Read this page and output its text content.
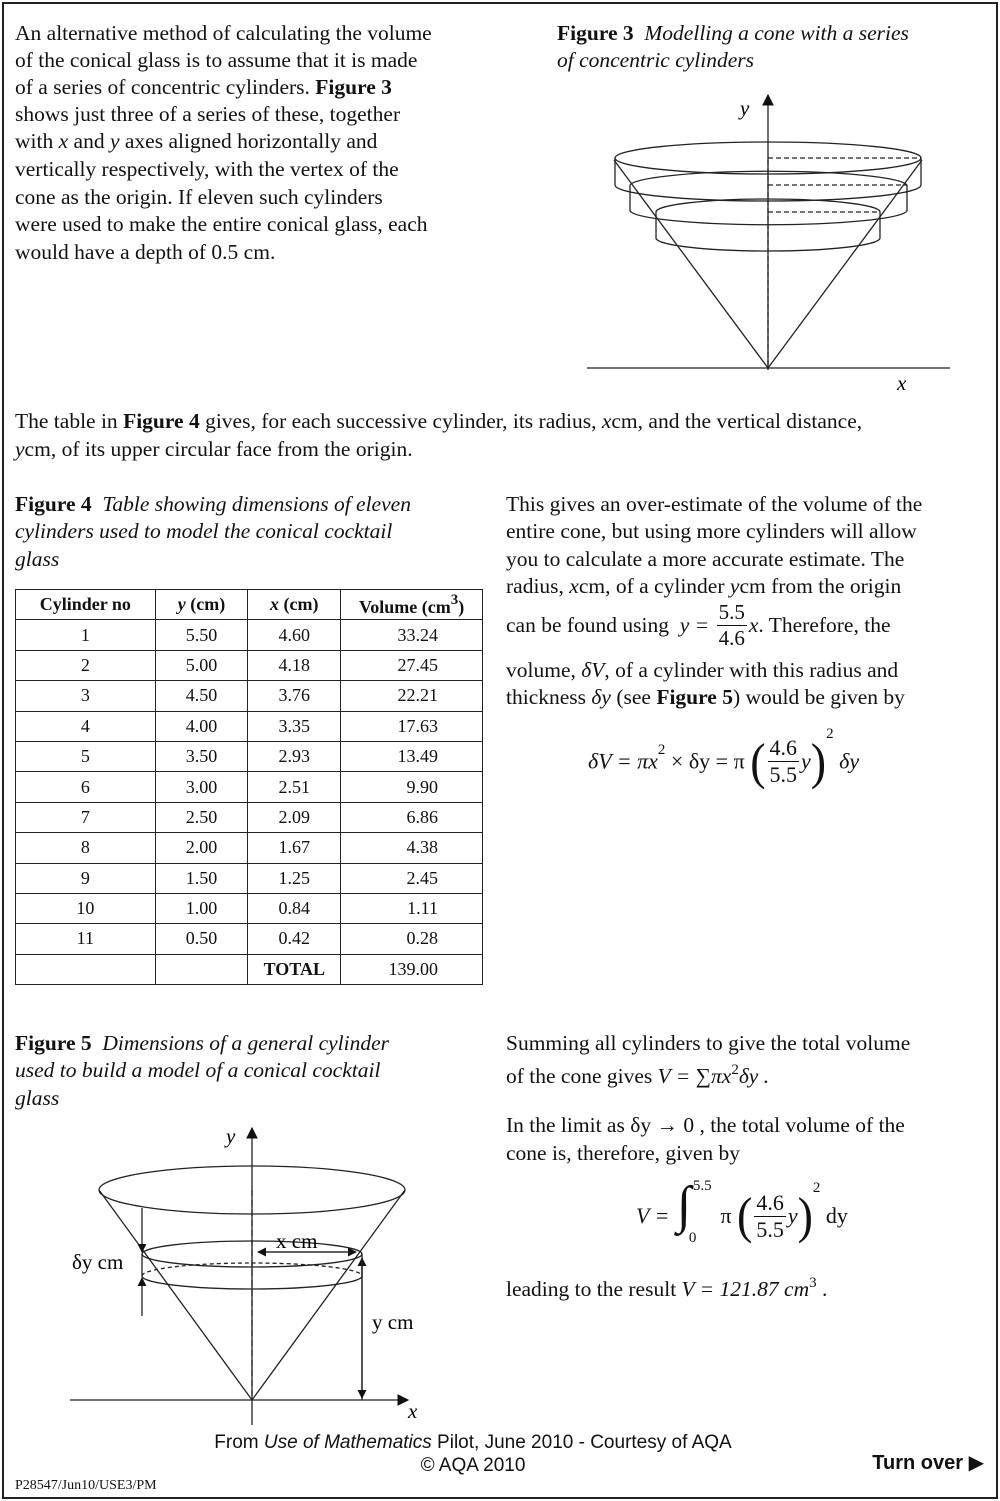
An alternative method of calculating the volume
of the conical glass is to assume that it is made
of a series of concentric cylinders. Figure 3
shows just three of a series of these, together
with x and y axes aligned horizontally and
vertically respectively, with the vertex of the
cone as the origin. If eleven such cylinders
were used to make the entire conical glass, each
would have a depth of 0.5 cm.
Figure 3 Modelling a cone with a series
of concentric cylinders
y
x
The table in Figure 4 gives, for each successive cylinder, its radius, xcm, and the vertical distance,
ycm, of its upper circular face from the origin.
Figure 4 Table showing dimensions of eleven
cylinders used to model the conical cocktail
glass
Cylinder no	y (cm)	x (cm)	Volume $(cm^3)$
1	5.50	4.60	33.24
2	5.00	4.18	27.45
3	4.50	3.76	22.21
4	4.00	3.35	17.63
5	3.50	2.93	13.49
6	3.00	2.51	9.90
7	2.50	2.09	6.86
8	2.00	1.67	4.38
9	1.50	1.25	2.45
10	1.00	0.84	1.11
11	0.50	0.42	0.28
		TOTAL	139.00
This gives an over-estimate of the volume of the
entire cone, but using more cylinders will allow
you to calculate a more accurate estimate. The
radius, xcm, of a cylinder ycm from the origin
can be found using $y = \frac{5.5}{4.6} x$. Therefore, the
volume, δV, of a cylinder with this radius and
thickness δy (see Figure 5) would be given by
$\delta V = \pi x^2 \times \delta y = \pi$ ( $\frac{4.6}{5.5} y)^2$ δy
Figure 5 Dimensions of a general cylinder
used to build a model of a conical cocktail
glass
y
x
δy cm
x cm
y cm
Summing all cylinders to give the total volume
of the cone gives $V = \sum\pi x^2\delta y$ .
In the limit as δy → 0 , the total volume of the
cone is, therefore, given by
V = ∫ 5.5
0
π ( $\frac{4.6}{5.5} y)^2$ dy
leading to the result V = 121.87 $cm^3$ .
From Use of Mathematics Pilot, June 2010 - Courtesy of AQA
© AQA 2010	Turn over ▶
P28547/Jun10/USE3/PM
